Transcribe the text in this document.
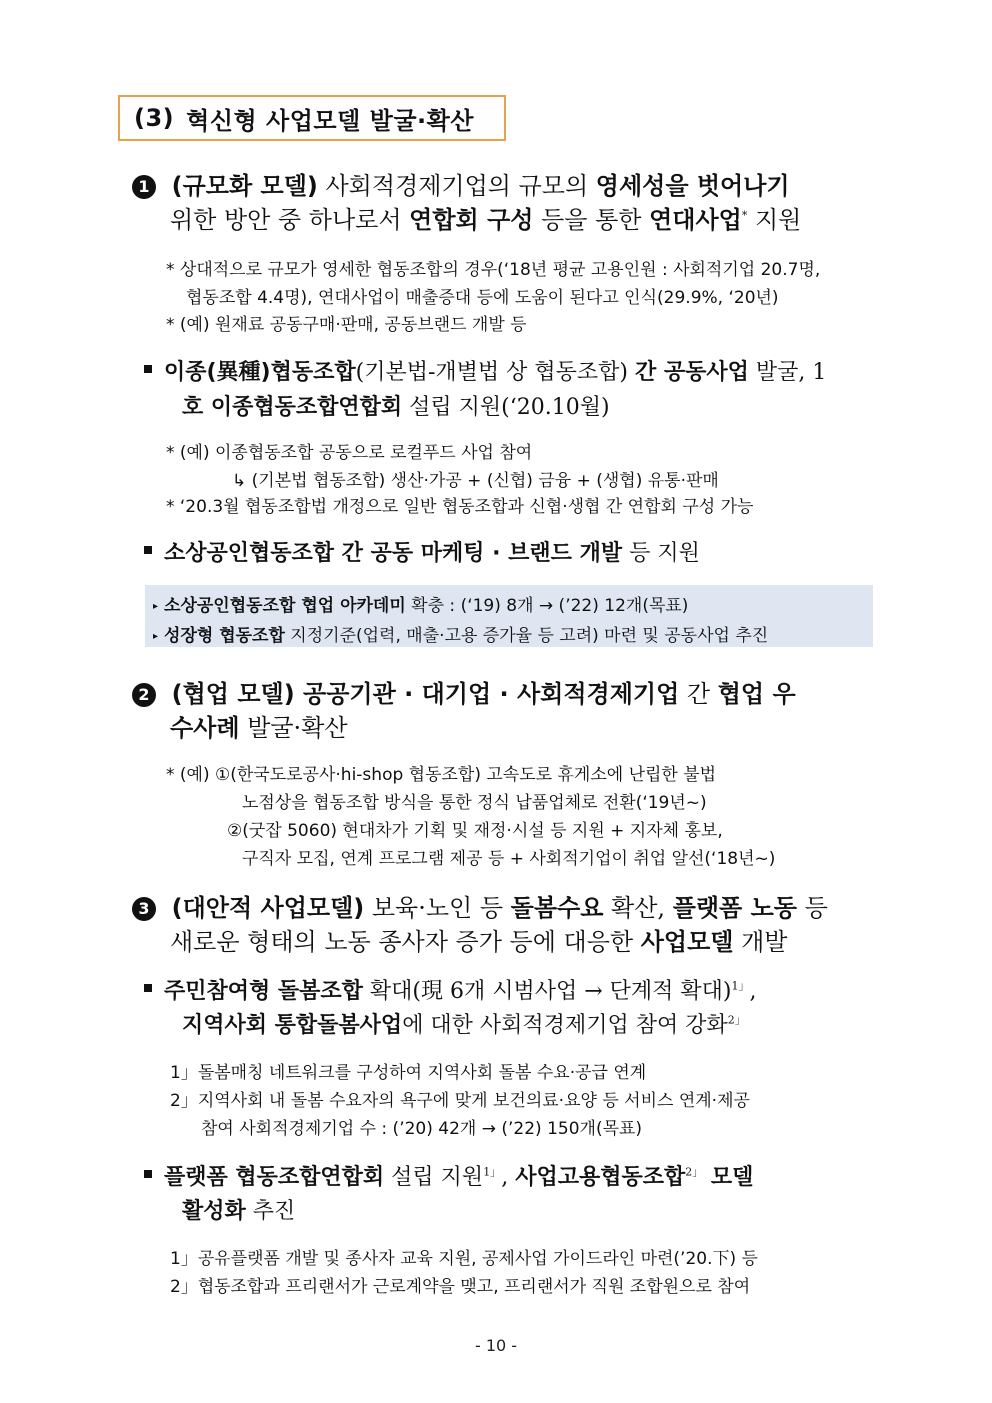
(3) 혁신형 사업모델 발굴·확산
1 (규모화 모델) 사회적경제기업의 규모의 영세성을 벗어나기
위한 방안 중 하나로서 연합회 구성 등을 통한 연대사업* 지원
* 상대적으로 규모가 영세한 협동조합의 경우(‘18년 평균 고용인원 : 사회적기업 20.7명,
협동조합 4.4명), 연대사업이 매출증대 등에 도움이 된다고 인식(29.9%, ‘20년)
* (예) 원재료 공동구매·판매, 공동브랜드 개발 등
이종(異種)협동조합(기본법-개별법 상 협동조합) 간 공동사업 발굴, 1
호 이종협동조합연합회 설립 지원(‘20.10월)
* (예) 이종협동조합 공동으로 로컬푸드 사업 참여
↳ (기본법 협동조합) 생산·가공 + (신협) 금융 + (생협) 유통·판매
* ‘20.3월 협동조합법 개정으로 일반 협동조합과 신협·생협 간 연합회 구성 가능
소상공인협동조합 간 공동 마케팅 · 브랜드 개발 등 지원
▸ 소상공인협동조합 협업 아카데미 확충 : (‘19) 8개 → (’22) 12개(목표)
▸ 성장형 협동조합 지정기준(업력, 매출·고용 증가율 등 고려) 마련 및 공동사업 추진
2 (협업 모델) 공공기관 · 대기업 · 사회적경제기업 간 협업 우
수사례 발굴·확산
* (예) ①(한국도로공사·hi-shop 협동조합) 고속도로 휴게소에 난립한 불법
노점상을 협동조합 방식을 통한 정식 납품업체로 전환(‘19년~)
②(굿잡 5060) 현대차가 기획 및 재정·시설 등 지원 + 지자체 홍보,
구직자 모집, 연계 프로그램 제공 등 + 사회적기업이 취업 알선(‘18년~)
3 (대안적 사업모델) 보육·노인 등 돌봄수요 확산, 플랫폼 노동 등
새로운 형태의 노동 종사자 증가 등에 대응한 사업모델 개발
주민참여형 돌봄조합 확대(現 6개 시범사업 → 단계적 확대)$^{1」}$,
지역사회 통합돌봄사업에 대한 사회적경제기업 참여 강화$^{2」}$
1」돌봄매칭 네트워크를 구성하여 지역사회 돌봄 수요·공급 연계
2」지역사회 내 돌봄 수요자의 욕구에 맞게 보건의료·요양 등 서비스 연계·제공
참여 사회적경제기업 수 : (’20) 42개 → (’22) 150개(목표)
플랫폼 협동조합연합회 설립 지원$^{1」}$, 사업고용협동조합$^{2」}$ 모델
활성화 추진
1」공유플랫폼 개발 및 종사자 교육 지원, 공제사업 가이드라인 마련(’20.下) 등
2」협동조합과 프리랜서가 근로계약을 맺고, 프리랜서가 직원 조합원으로 참여
- 10 -
